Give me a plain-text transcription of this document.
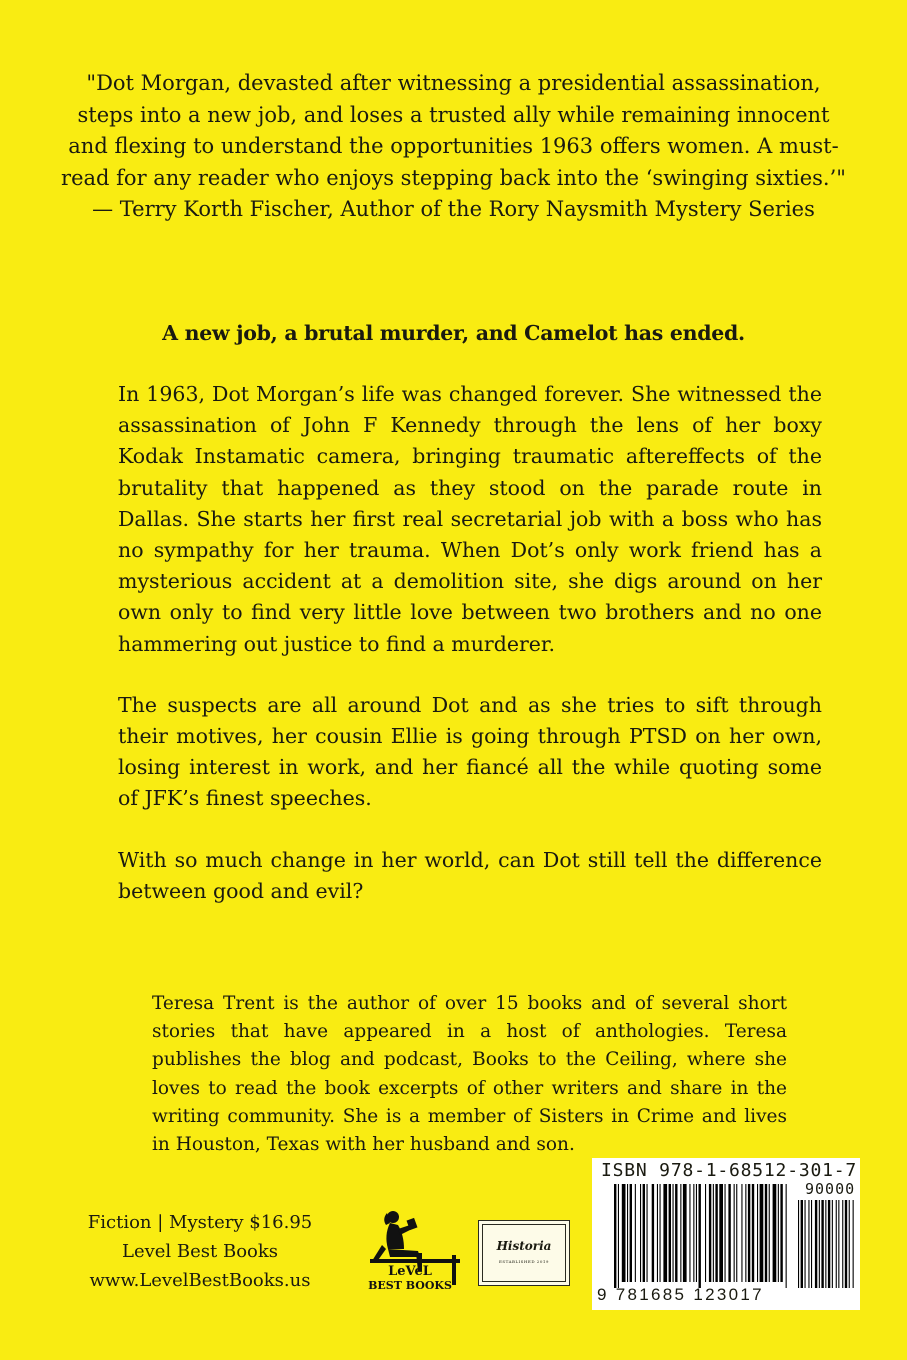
"Dot Morgan, devasted after witnessing a presidential assassination, steps into a new job, and loses a trusted ally while remaining innocent and flexing to understand the opportunities 1963 offers women. A must-read for any reader who enjoys stepping back into the ‘swinging sixties.’"
— Terry Korth Fischer, Author of the Rory Naysmith Mystery Series
A new job, a brutal murder, and Camelot has ended.

In 1963, Dot Morgan’s life was changed forever. She witnessed the assassination of John F Kennedy through the lens of her boxy Kodak Instamatic camera, bringing traumatic aftereffects of the brutality that happened as they stood on the parade route in Dallas. She starts her first real secretarial job with a boss who has no sympathy for her trauma. When Dot’s only work friend has a mysterious accident at a demolition site, she digs around on her own only to find very little love between two brothers and no one hammering out justice to find a murderer.

The suspects are all around Dot and as she tries to sift through their motives, her cousin Ellie is going through PTSD on her own, losing interest in work, and her fiancé all the while quoting some of JFK’s finest speeches.

With so much change in her world, can Dot still tell the difference between good and evil?

Teresa Trent is the author of over 15 books and of several short stories that have appeared in a host of anthologies. Teresa publishes the blog and podcast, Books to the Ceiling, where she loves to read the book excerpts of other writers and share in the writing community. She is a member of Sisters in Crime and lives in Houston, Texas with her husband and son.
Fiction | Mystery $16.95
Level Best Books
www.LevelBestBooks.us	LeVeL
BEST BOOKS
Historia
ESTABLISHED 2019
ISBN 978-1-68512-301-7
90000
9 781685 123017
